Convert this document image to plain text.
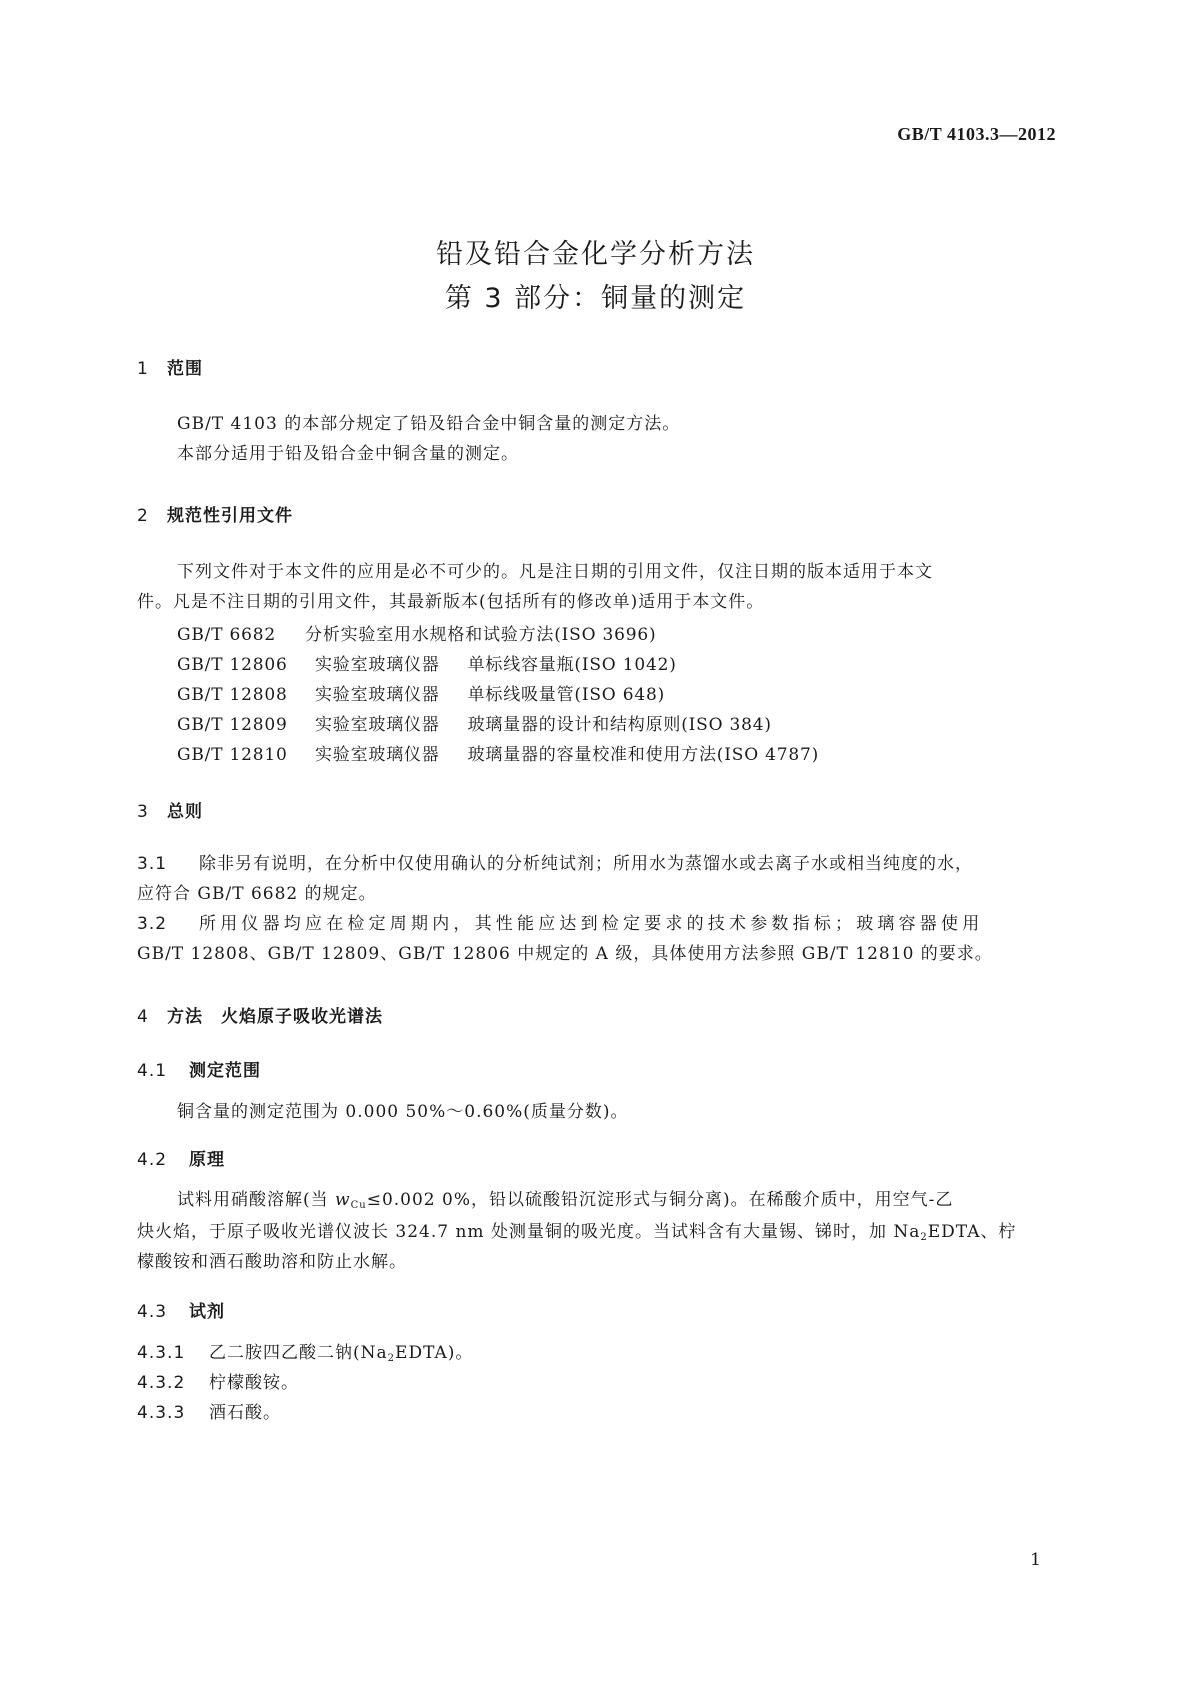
GB/T 4103.3—2012
铅及铅合金化学分析方法
第 3 部分：铜量的测定
1 范围
GB/T 4103 的本部分规定了铅及铅合金中铜含量的测定方法。
本部分适用于铅及铅合金中铜含量的测定。
2 规范性引用文件
下列文件对于本文件的应用是必不可少的。凡是注日期的引用文件，仅注日期的版本适用于本文
件。凡是不注日期的引用文件，其最新版本(包括所有的修改单)适用于本文件。
GB/T 6682 分析实验室用水规格和试验方法(ISO 3696)
GB/T 12806 实验室玻璃仪器 单标线容量瓶(ISO 1042)
GB/T 12808 实验室玻璃仪器 单标线吸量管(ISO 648)
GB/T 12809 实验室玻璃仪器 玻璃量器的设计和结构原则(ISO 384)
GB/T 12810 实验室玻璃仪器 玻璃量器的容量校准和使用方法(ISO 4787)
3 总则
3.1 除非另有说明，在分析中仅使用确认的分析纯试剂；所用水为蒸馏水或去离子水或相当纯度的水，
应符合 GB/T 6682 的规定。
3.2 所用仪器均应在检定周期内，其性能应达到检定要求的技术参数指标；玻璃容器使用
GB/T 12808、GB/T 12809、GB/T 12806 中规定的 A 级，具体使用方法参照 GB/T 12810 的要求。
4 方法　火焰原子吸收光谱法
4.1 测定范围
铜含量的测定范围为 0.000 50%～0.60%(质量分数)。
4.2 原理
试料用硝酸溶解(当 $w_{Cu}\le 0.002$ 0%，铅以硫酸铅沉淀形式与铜分离)。在稀酸介质中，用空气-乙
炔火焰，于原子吸收光谱仪波长 324.7 nm 处测量铜的吸光度。当试料含有大量锡、锑时，加 $Na_2EDTA$、柠
檬酸铵和酒石酸助溶和防止水解。
4.3 试剂
4.3.1 乙二胺四乙酸二钠$(Na_2EDTA)$。
4.3.2 柠檬酸铵。
4.3.3 酒石酸。
1
